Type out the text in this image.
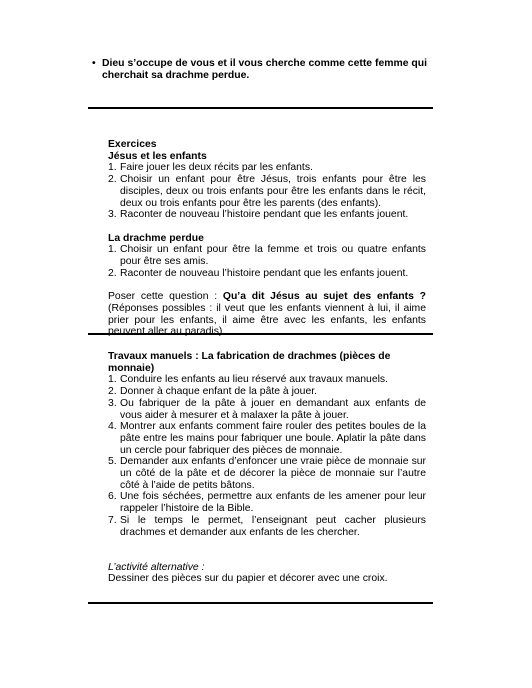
• Dieu s’occupe de vous et il vous cherche comme cette femme qui cherchait sa drachme perdue.
Exercices
Jésus et les enfants
1. Faire jouer les deux récits par les enfants.
2. Choisir un enfant pour être Jésus, trois enfants pour être les disciples, deux ou trois enfants pour être les enfants dans le récit, deux ou trois enfants pour être les parents (des enfants).
3. Raconter de nouveau l’histoire pendant que les enfants jouent.
La drachme perdue
1. Choisir un enfant pour être la femme et trois ou quatre enfants pour être ses amis.
2. Raconter de nouveau l’histoire pendant que les enfants jouent.
Poser cette question : Qu’a dit Jésus au sujet des enfants ? (Réponses possibles : il veut que les enfants viennent à lui, il aime prier pour les enfants, il aime être avec les enfants, les enfants peuvent aller au paradis).
Travaux manuels : La fabrication de drachmes (pièces de monnaie)
1. Conduire les enfants au lieu réservé aux travaux manuels.
2. Donner à chaque enfant de la pâte à jouer.
3. Ou fabriquer de la pâte à jouer en demandant aux enfants de vous aider à mesurer et à malaxer la pâte à jouer.
4. Montrer aux enfants comment faire rouler des petites boules de la pâte entre les mains pour fabriquer une boule. Aplatir la pâte dans un cercle pour fabriquer des pièces de monnaie.
5. Demander aux enfants d’enfoncer une vraie pièce de monnaie sur un côté de la pâte et de décorer la pièce de monnaie sur l’autre côté à l’aide de petits bâtons.
6. Une fois séchées, permettre aux enfants de les amener pour leur rappeler l’histoire de la Bible.
7. Si le temps le permet, l’enseignant peut cacher plusieurs drachmes et demander aux enfants de les chercher.
L’activité alternative :
Dessiner des pièces sur du papier et décorer avec une croix.
